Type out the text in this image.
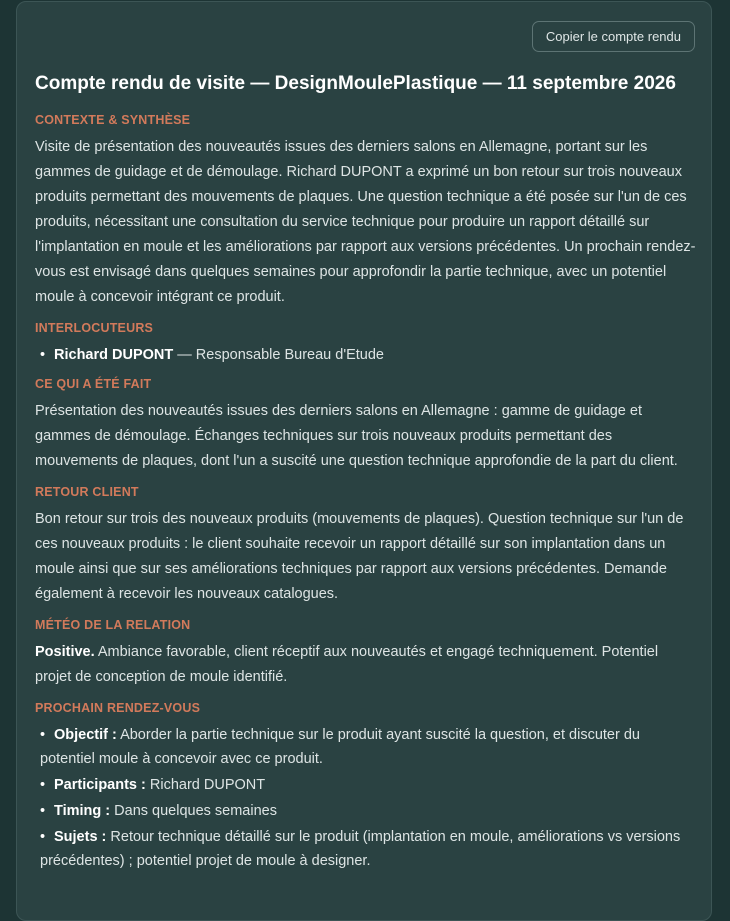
Copier le compte rendu
Compte rendu de visite — DesignMoulePlastique — 11 septembre 2026
CONTEXTE & SYNTHÈSE

Visite de présentation des nouveautés issues des derniers salons en Allemagne, portant sur les gammes de guidage et de démoulage. Richard DUPONT a exprimé un bon retour sur trois nouveaux produits permettant des mouvements de plaques. Une question technique a été posée sur l'un de ces produits, nécessitant une consultation du service technique pour produire un rapport détaillé sur l'implantation en moule et les améliorations par rapport aux versions précédentes. Un prochain rendez-vous est envisagé dans quelques semaines pour approfondir la partie technique, avec un potentiel moule à concevoir intégrant ce produit.

INTERLOCUTEURS
• Richard DUPONT — Responsable Bureau d'Etude
CE QUI A ÉTÉ FAIT

Présentation des nouveautés issues des derniers salons en Allemagne : gamme de guidage et gammes de démoulage. Échanges techniques sur trois nouveaux produits permettant des mouvements de plaques, dont l'un a suscité une question technique approfondie de la part du client.

RETOUR CLIENT

Bon retour sur trois des nouveaux produits (mouvements de plaques). Question technique sur l'un de ces nouveaux produits : le client souhaite recevoir un rapport détaillé sur son implantation dans un moule ainsi que sur ses améliorations techniques par rapport aux versions précédentes. Demande également à recevoir les nouveaux catalogues.

MÉTÉO DE LA RELATION

Positive. Ambiance favorable, client réceptif aux nouveautés et engagé techniquement. Potentiel projet de conception de moule identifié.

PROCHAIN RENDEZ-VOUS
• Objectif : Aborder la partie technique sur le produit ayant suscité la question, et discuter du potentiel moule à concevoir avec ce produit.
• Participants : Richard DUPONT
• Timing : Dans quelques semaines
• Sujets : Retour technique détaillé sur le produit (implantation en moule, améliorations vs versions précédentes) ; potentiel projet de moule à designer.
